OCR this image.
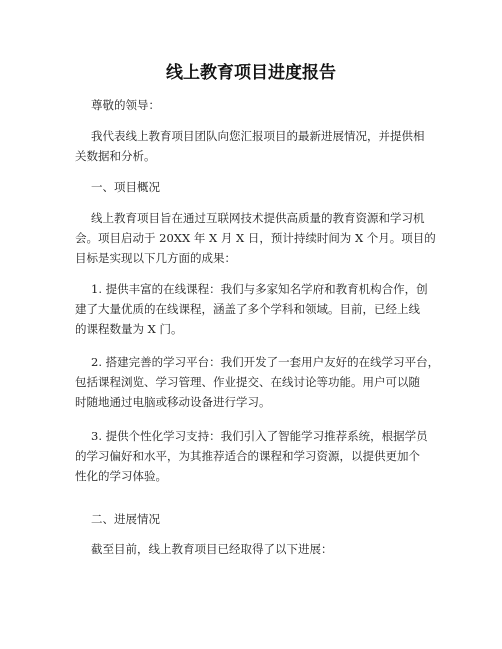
线上教育项目进度报告
尊敬的领导：
我代表线上教育项目团队向您汇报项目的最新进展情况，并提供相
关数据和分析。
一、项目概况
线上教育项目旨在通过互联网技术提供高质量的教育资源和学习机
会。项目启动于 20XX 年 X 月 X 日，预计持续时间为 X 个月。项目的
目标是实现以下几方面的成果：
1. 提供丰富的在线课程：我们与多家知名学府和教育机构合作，创
建了大量优质的在线课程，涵盖了多个学科和领域。目前，已经上线
的课程数量为 X 门。
2. 搭建完善的学习平台：我们开发了一套用户友好的在线学习平台，
包括课程浏览、学习管理、作业提交、在线讨论等功能。用户可以随
时随地通过电脑或移动设备进行学习。
3. 提供个性化学习支持：我们引入了智能学习推荐系统，根据学员
的学习偏好和水平，为其推荐适合的课程和学习资源，以提供更加个
性化的学习体验。
二、进展情况
截至目前，线上教育项目已经取得了以下进展：
